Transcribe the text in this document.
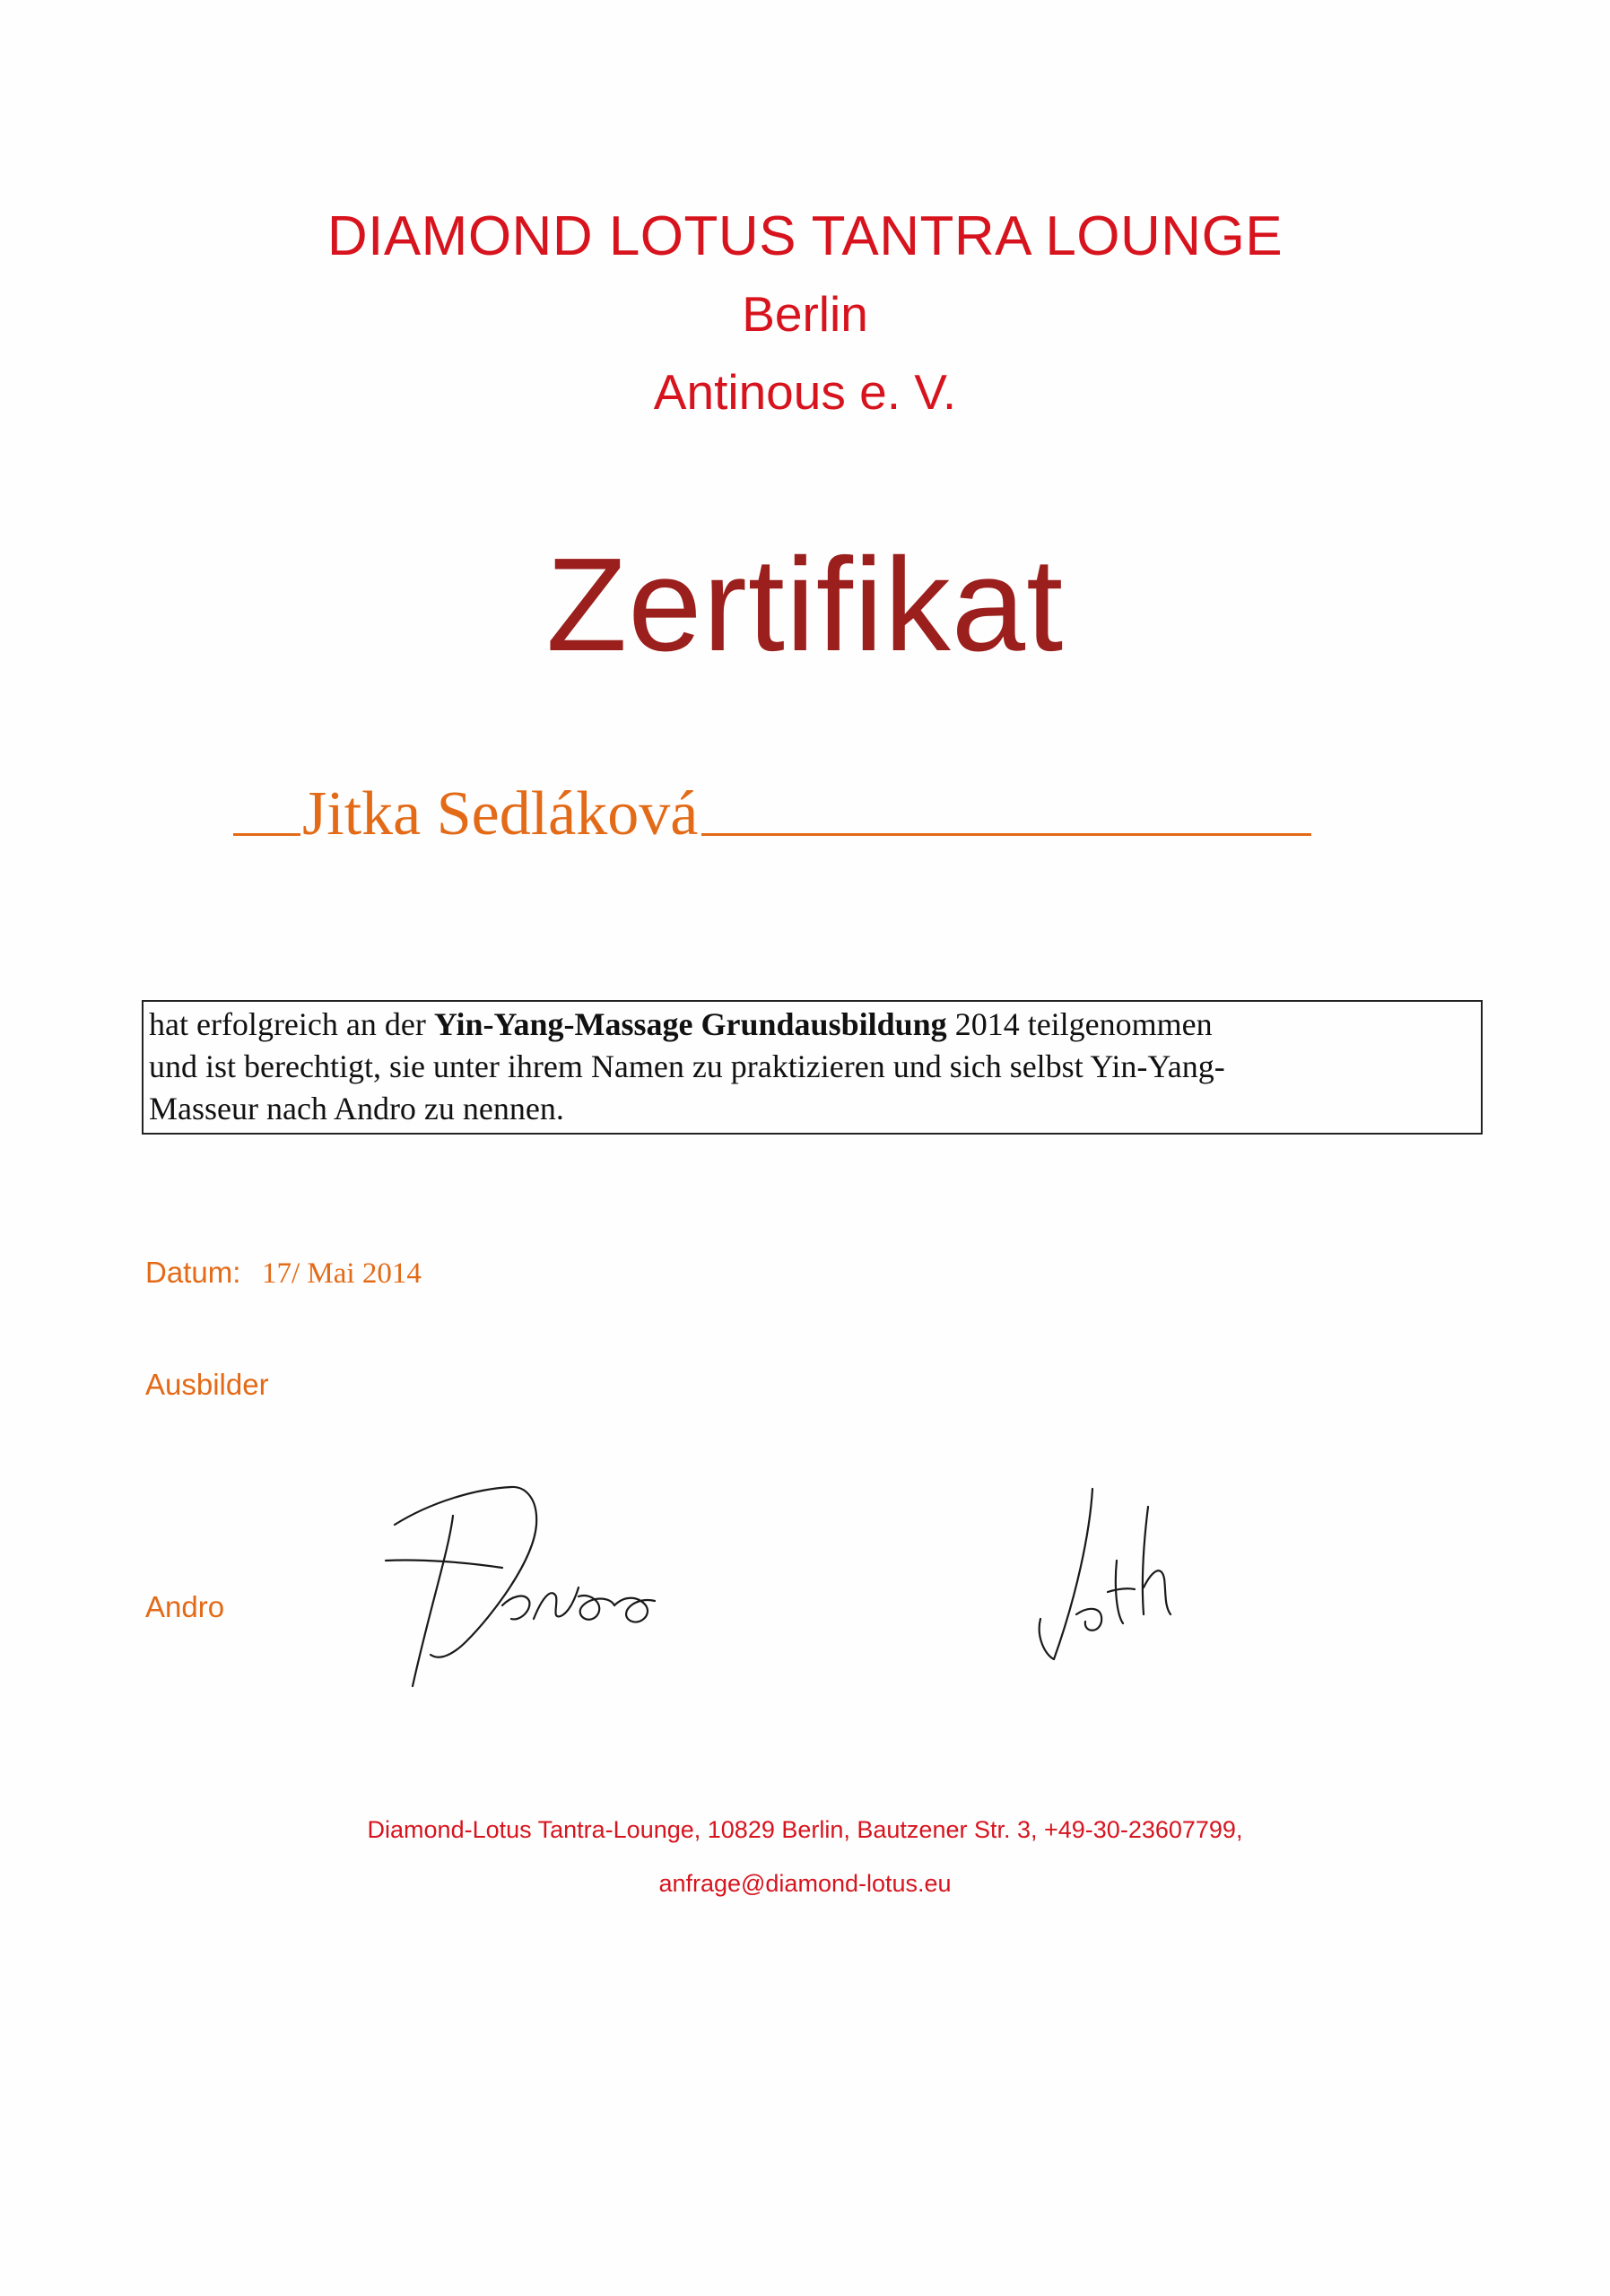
DIAMOND LOTUS TANTRA LOUNGE
Berlin
Antinous e. V.
Zertifikat
Jitka Sedláková
hat erfolgreich an der Yin-Yang-Massage Grundausbildung 2014 teilgenommen
und ist berechtigt, sie unter ihrem Namen zu praktizieren und sich selbst Yin-Yang-
Masseur nach Andro zu nennen.
Datum: 17/ Mai 2014
Ausbilder
Andro
Diamond-Lotus Tantra-Lounge, 10829 Berlin, Bautzener Str. 3, +49-30-23607799,
anfrage@diamond-lotus.eu
